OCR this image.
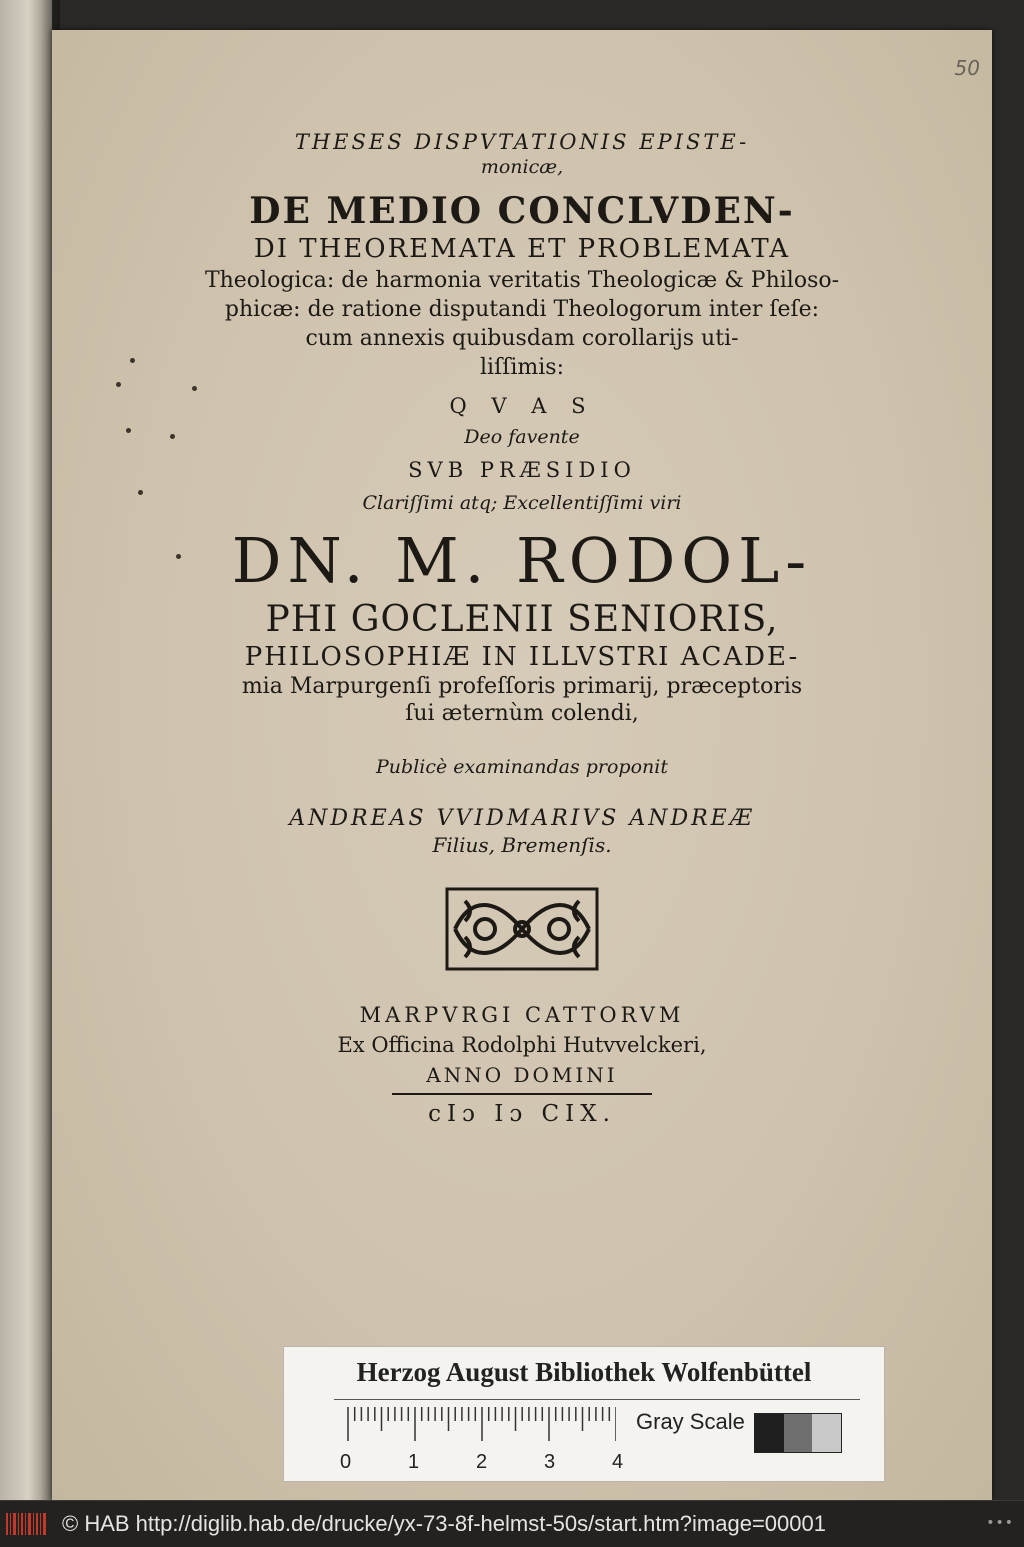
50
THESES DISPVTATIONIS EPISTE-
monicæ,
DE MEDIO CONCLVDEN-
DI THEOREMATA ET PROBLEMATA
Theologica: de harmonia veritatis Theologicæ & Philoso-
phicæ: de ratione disputandi Theologorum inter ſeſe:
cum annexis quibusdam corollarijs uti-
liſſimis:
Q V A S
Deo favente
SVB PRÆSIDIO
Clariſſimi atq; Excellentiſſimi viri
DN. M. RODOL-
PHI GOCLENII SENIORIS,
PHILOSOPHIÆ IN ILLVSTRI ACADE-
mia Marpurgenſi profeſſoris primarij, præceptoris
ſui æternùm colendi,
Publicè examinandas proponit
ANDREAS VVIDMARIVS ANDREÆ
Filius, Bremenſis.
MARPVRGI CATTORVM
Ex Officina Rodolphi Hutvvelckeri,
ANNO DOMINI
cIɔ Iɔ CIX.
Herzog August Bibliothek Wolfenbüttel
Gray Scale
0	1	2	3	4
© HAB http://diglib.hab.de/drucke/yx-73-8f-helmst-50s/start.htm?image=00001	•••
